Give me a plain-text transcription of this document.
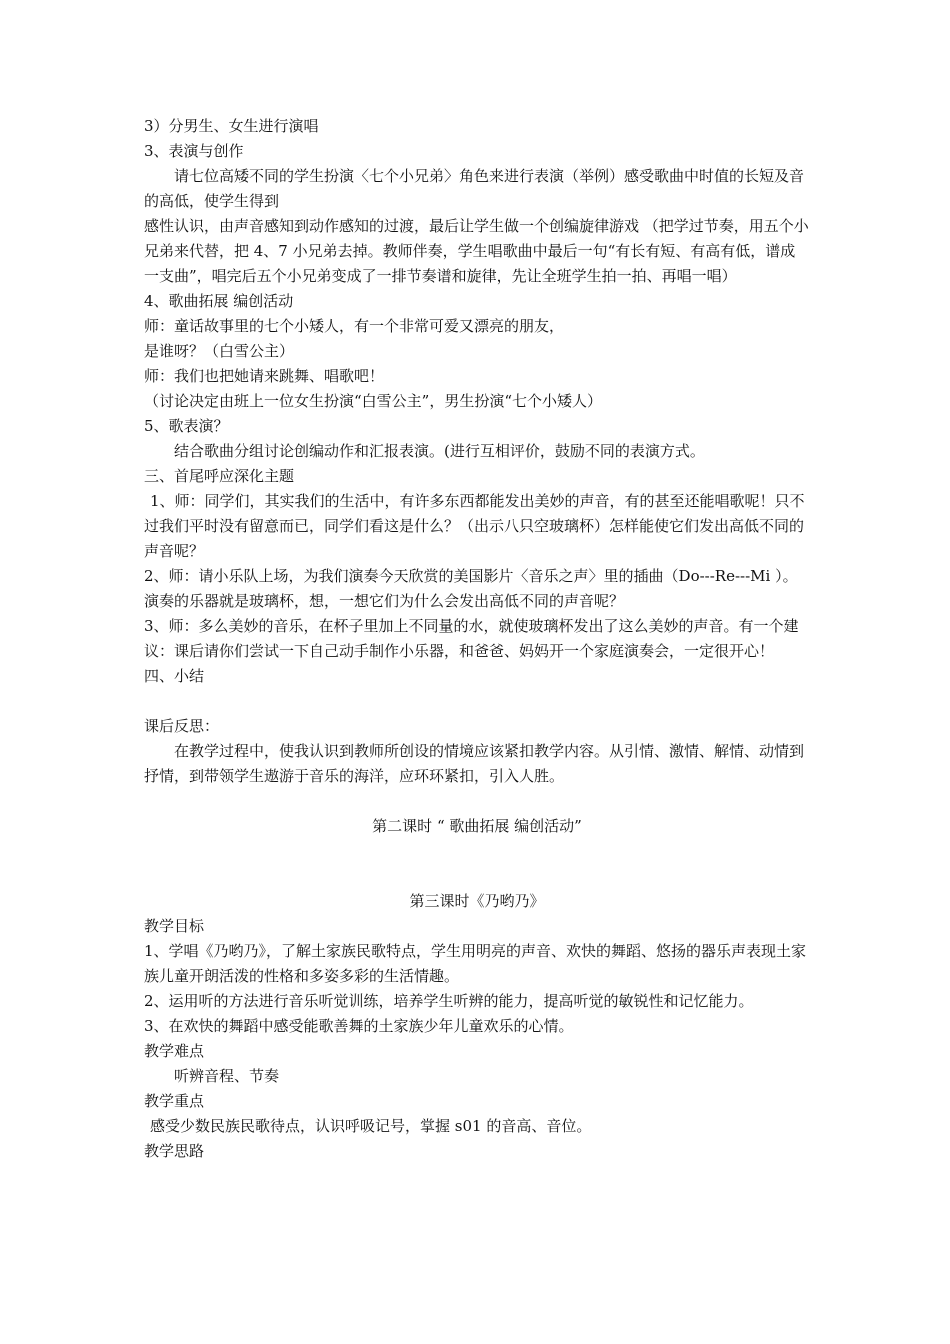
3）分男生、女生进行演唱

3、表演与创作

请七位高矮不同的学生扮演〈七个小兄弟〉角色来进行表演（举例）感受歌曲中时值的长短及音的高低，使学生得到

感性认识，由声音感知到动作感知的过渡，最后让学生做一个创编旋律游戏 （把学过节奏，用五个小兄弟来代替，把 4、7 小兄弟去掉。教师伴奏，学生唱歌曲中最后一句“有长有短、有高有低，谱成一支曲”，唱完后五个小兄弟变成了一排节奏谱和旋律，先让全班学生拍一拍、再唱一唱）

4、歌曲拓展 编创活动

师：童话故事里的七个小矮人，有一个非常可爱又漂亮的朋友，

是谁呀？（白雪公主）

师：我们也把她请来跳舞、唱歌吧！

（讨论决定由班上一位女生扮演“白雪公主”，男生扮演“七个小矮人）

5、歌表演？

结合歌曲分组讨论创编动作和汇报表演。(进行互相评价，鼓励不同的表演方式。

三、首尾呼应深化主题

1、师：同学们，其实我们的生活中，有许多东西都能发出美妙的声音，有的甚至还能唱歌呢！只不过我们平时没有留意而已，同学们看这是什么？（出示八只空玻璃杯）怎样能使它们发出高低不同的声音呢？

2、师：请小乐队上场，为我们演奏今天欣赏的美国影片〈音乐之声〉里的插曲（Do---Re---Mi ）。演奏的乐器就是玻璃杯，想，一想它们为什么会发出高低不同的声音呢？

3、师：多么美妙的音乐，在杯子里加上不同量的水，就使玻璃杯发出了这么美妙的声音。有一个建议：课后请你们尝试一下自己动手制作小乐器，和爸爸、妈妈开一个家庭演奏会，一定很开心！

四、小结

课后反思：

在教学过程中，使我认识到教师所创设的情境应该紧扣教学内容。从引情、激情、解情、动情到抒情，到带领学生遨游于音乐的海洋，应环环紧扣，引入人胜。

第二课时 “ 歌曲拓展 编创活动”

第三课时《乃哟乃》

教学目标

1、学唱《乃哟乃》，了解土家族民歌特点，学生用明亮的声音、欢快的舞蹈、悠扬的器乐声表现土家族儿童开朗活泼的性格和多姿多彩的生活情趣。

2、运用听的方法进行音乐听觉训练，培养学生听辨的能力，提高听觉的敏锐性和记忆能力。

3、在欢快的舞蹈中感受能歌善舞的土家族少年儿童欢乐的心情。

教学难点

听辨音程、节奏

教学重点

感受少数民族民歌待点，认识呼吸记号，掌握 s01 的音高、音位。

教学思路
